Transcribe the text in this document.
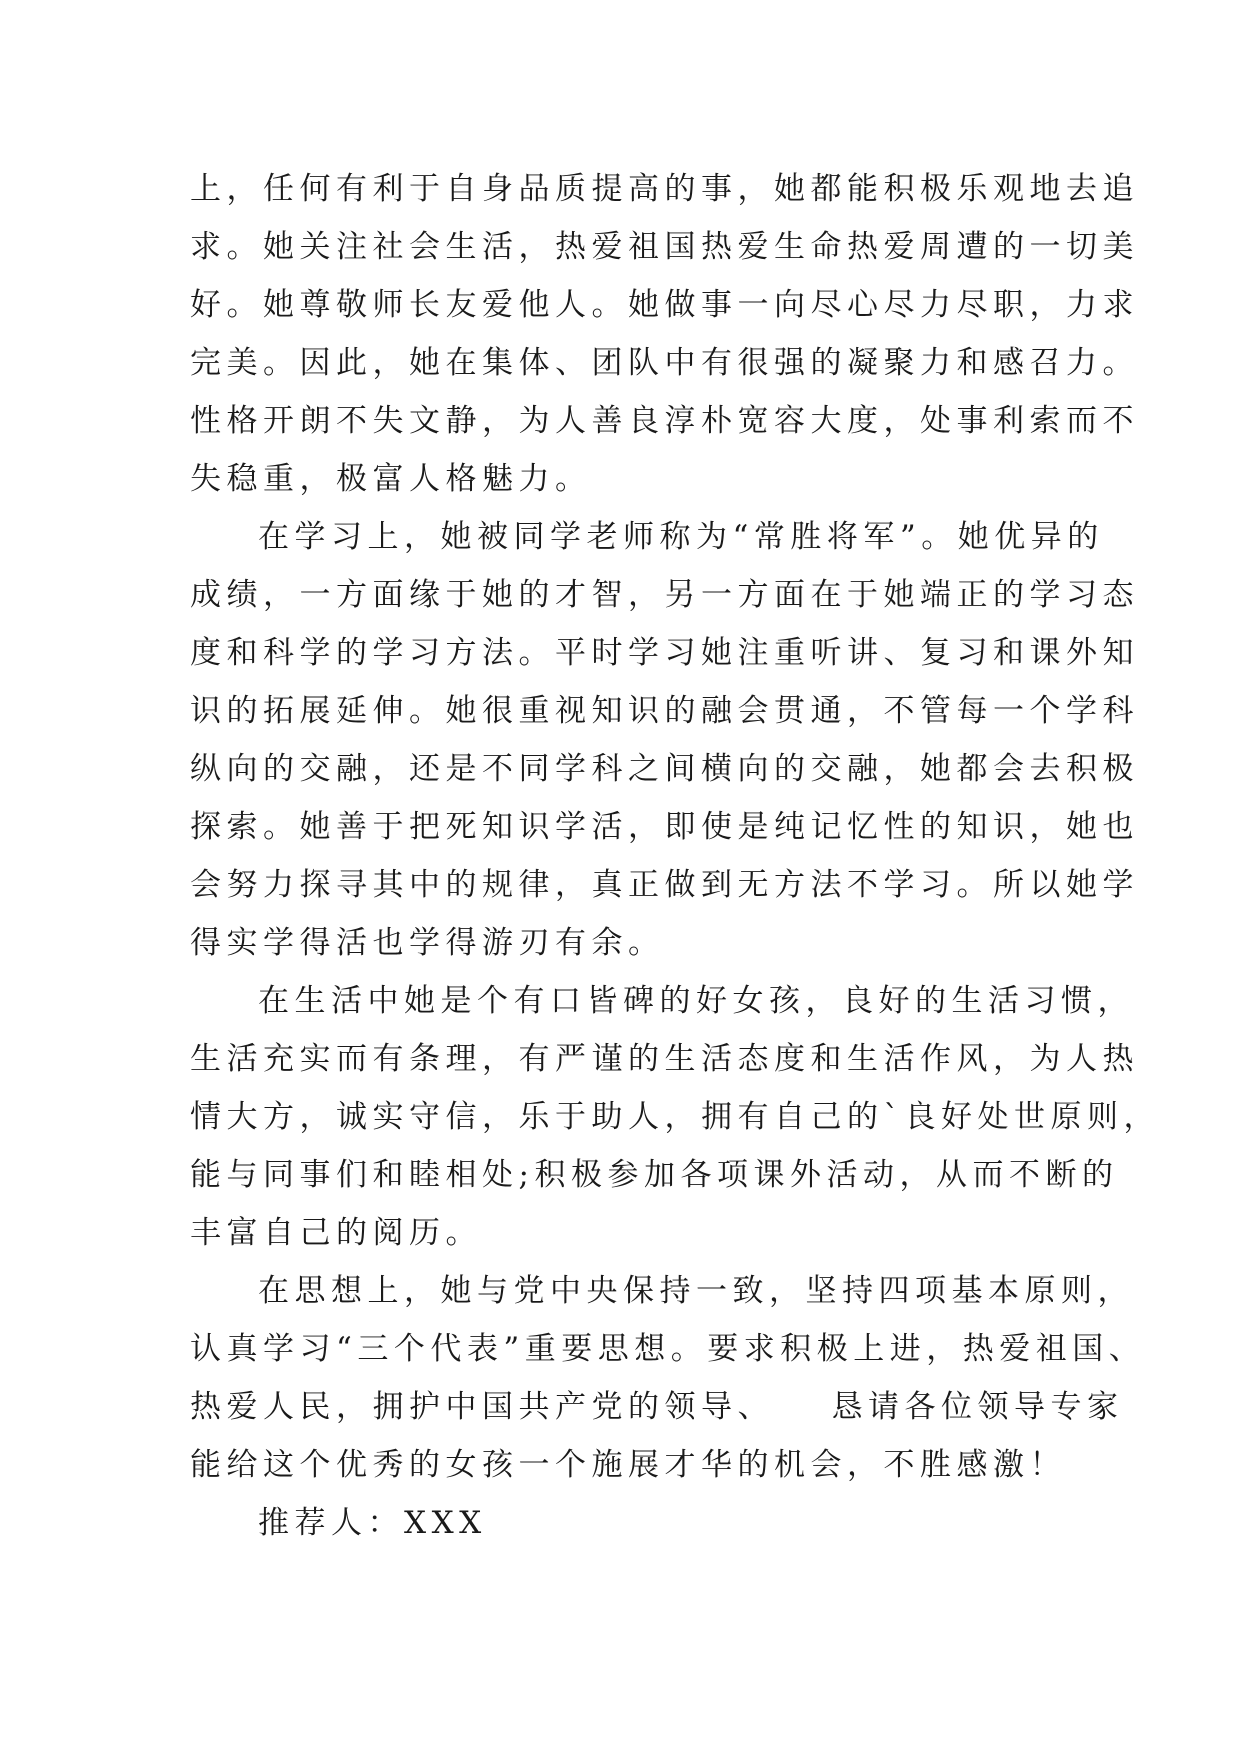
上，任何有利于自身品质提高的事，她都能积极乐观地去追
求。她关注社会生活，热爱祖国热爱生命热爱周遭的一切美
好。她尊敬师长友爱他人。她做事一向尽心尽力尽职，力求
完美。因此，她在集体、团队中有很强的凝聚力和感召力。
性格开朗不失文静，为人善良淳朴宽容大度，处事利索而不
失稳重，极富人格魅力。
在学习上，她被同学老师称为“常胜将军”。她优异的
成绩，一方面缘于她的才智，另一方面在于她端正的学习态
度和科学的学习方法。平时学习她注重听讲、复习和课外知
识的拓展延伸。她很重视知识的融会贯通，不管每一个学科
纵向的交融，还是不同学科之间横向的交融，她都会去积极
探索。她善于把死知识学活，即使是纯记忆性的知识，她也
会努力探寻其中的规律，真正做到无方法不学习。所以她学
得实学得活也学得游刃有余。
在生活中她是个有口皆碑的好女孩，良好的生活习惯，
生活充实而有条理，有严谨的生活态度和生活作风，为人热
情大方，诚实守信，乐于助人，拥有自己的`良好处世原则，
能与同事们和睦相处;积极参加各项课外活动，从而不断的
丰富自己的阅历。
在思想上，她与党中央保持一致，坚持四项基本原则，
认真学习“三个代表”重要思想。要求积极上进，热爱祖国、
热爱人民，拥护中国共产党的领导、　　恳请各位领导专家
能给这个优秀的女孩一个施展才华的机会，不胜感激！
推荐人：XXX
